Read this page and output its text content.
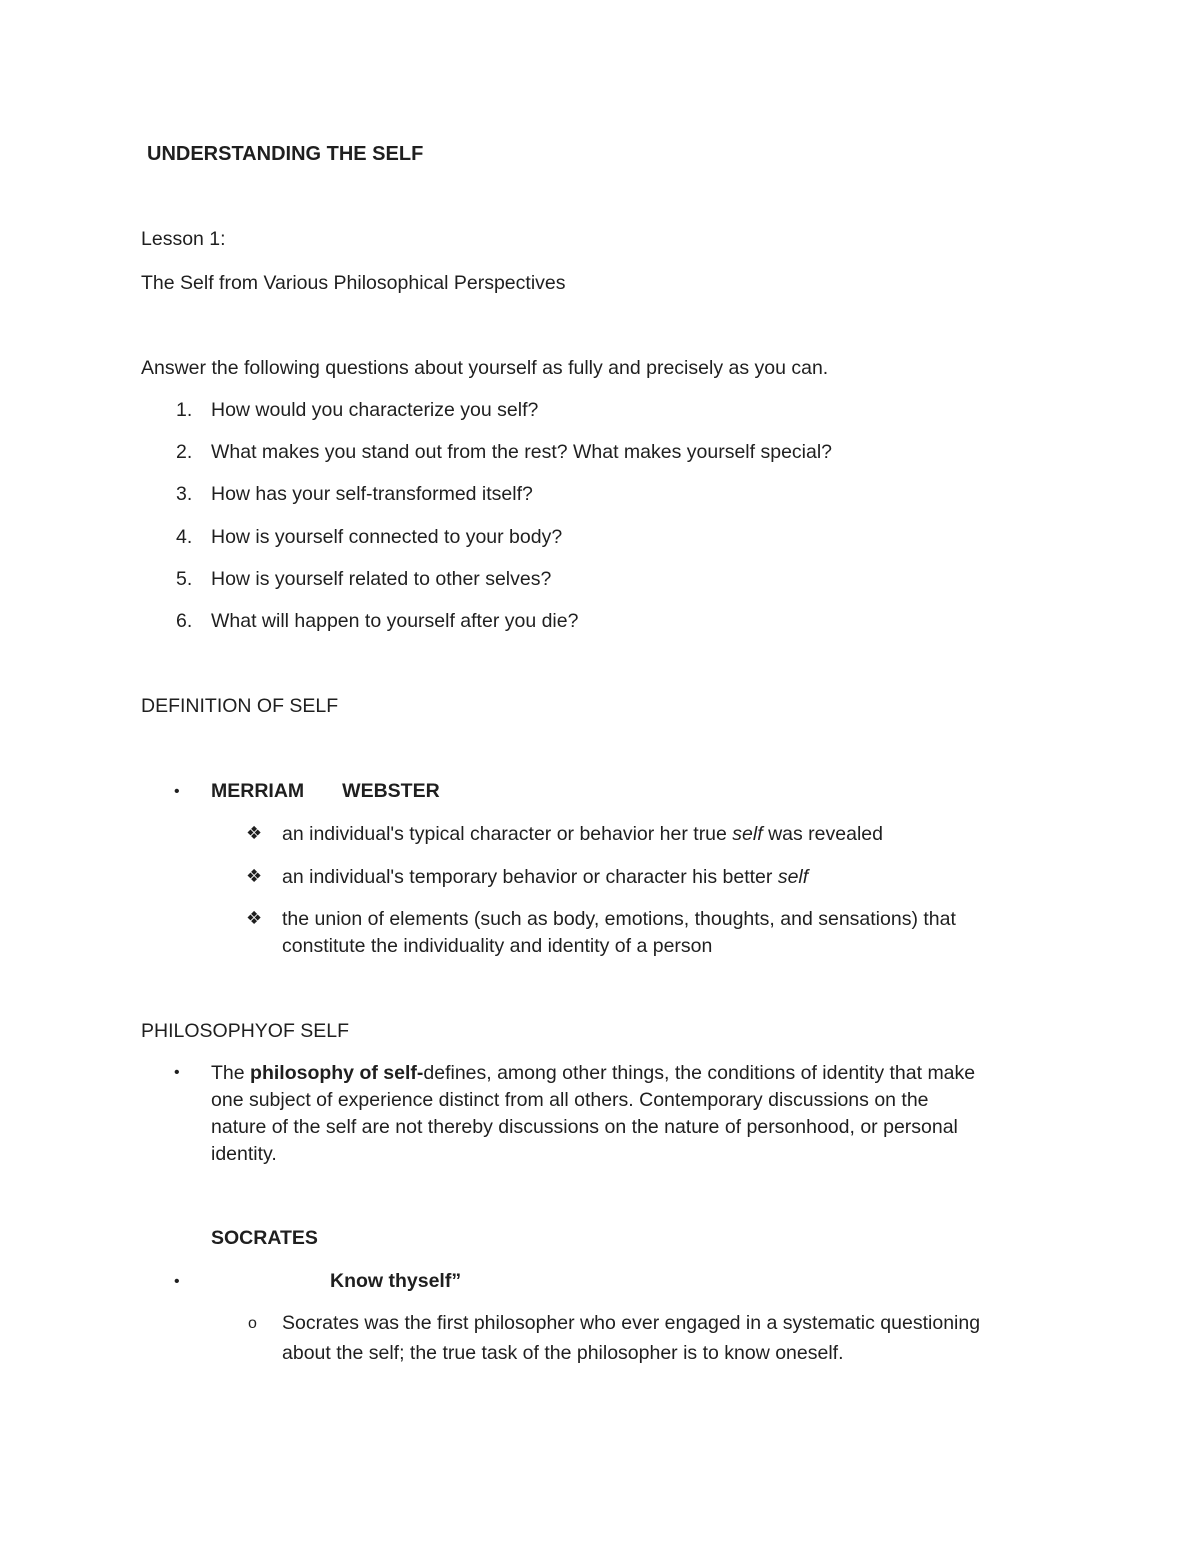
UNDERSTANDING THE SELF
Lesson 1:
The Self from Various Philosophical Perspectives
Answer the following questions about yourself as fully and precisely as you can.
1. How would you characterize you self?
2. What makes you stand out from the rest? What makes yourself special?
3. How has your self-transformed itself?
4. How is yourself connected to your body?
5. How is yourself related to other selves?
6. What will happen to yourself after you die?
DEFINITION OF SELF
• MERRIAM WEBSTER
❖ an individual's typical character or behavior her true self was revealed
❖ an individual's temporary behavior or character his better self
❖ the union of elements (such as body, emotions, thoughts, and sensations) that
constitute the individuality and identity of a person
PHILOSOPHYOF SELF
• The philosophy of self-defines, among other things, the conditions of identity that make
one subject of experience distinct from all others. Contemporary discussions on the
nature of the self are not thereby discussions on the nature of personhood, or personal
identity.
SOCRATES
•	Know thyself”
o Socrates was the first philosopher who ever engaged in a systematic questioning
about the self; the true task of the philosopher is to know oneself.
